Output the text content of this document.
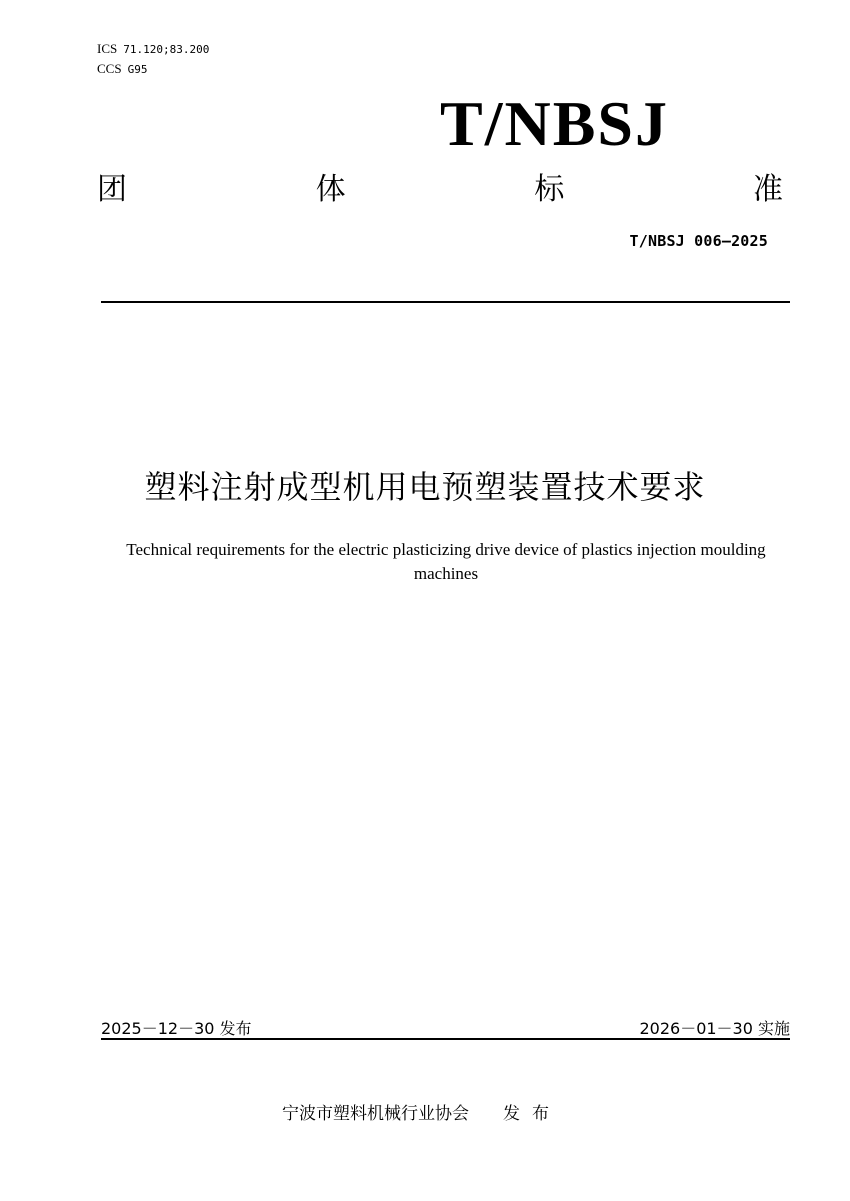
ICS 71.120;83.200
CCS G95
T/NBSJ
团	体	标	准
T/NBSJ 006—2025
塑料注射成型机用电预塑装置技术要求
Technical requirements for the electric plasticizing drive device of plastics injection moulding machines
2025－12－30 发布	2026－01－30 实施
宁波市塑料机械行业协会 发布
